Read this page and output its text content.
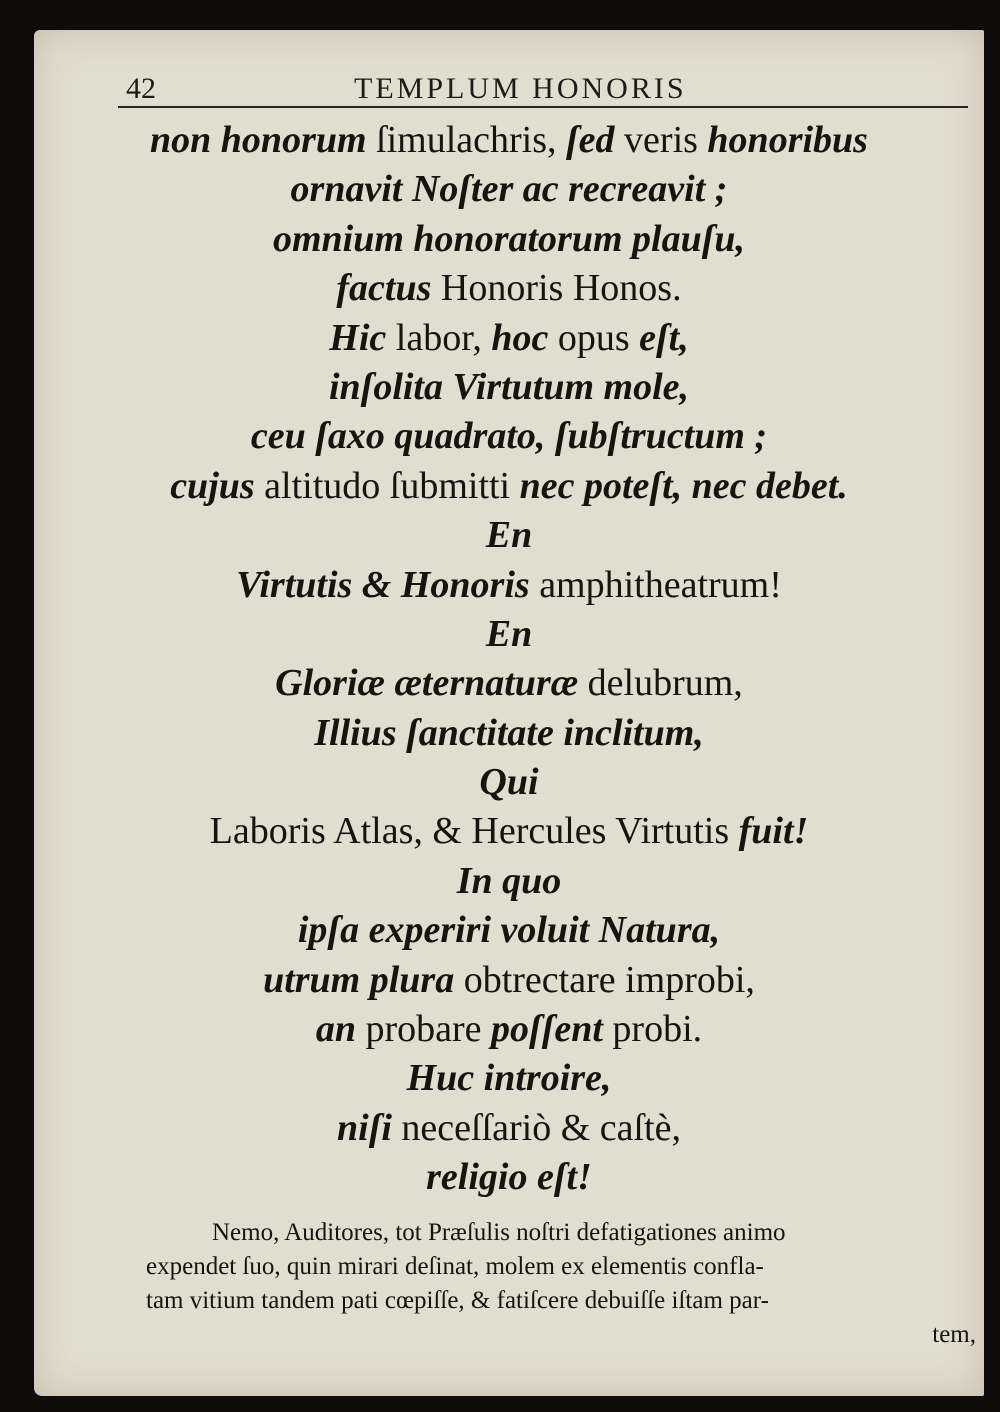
42	TEMPLUM HONORIS
non honorum ſimulachris, ſed veris honoribus
ornavit Noſter ac recreavit ;
omnium honoratorum plauſu,
factus Honoris Honos.
Hic labor, hoc opus eſt,
inſolita Virtutum mole,
ceu ſaxo quadrato, ſubſtructum ;
cujus altitudo ſubmitti nec poteſt, nec debet.
En
Virtutis & Honoris amphitheatrum!
En
Gloriæ æternaturæ delubrum,
Illius ſanctitate inclitum,
Qui
Laboris Atlas, & Hercules Virtutis fuit!
In quo
ipſa experiri voluit Natura,
utrum plura obtrectare improbi,
an probare poſſent probi.
Huc introire,
niſi neceſſariò & caſtè,
religio eſt!
Nemo, Auditores, tot Præſulis noſtri defatigationes animo
expendet ſuo, quin mirari deſinat, molem ex elementis confla-
tam vitium tandem pati cœpiſſe, & fatiſcere debuiſſe iſtam par-
tem,
